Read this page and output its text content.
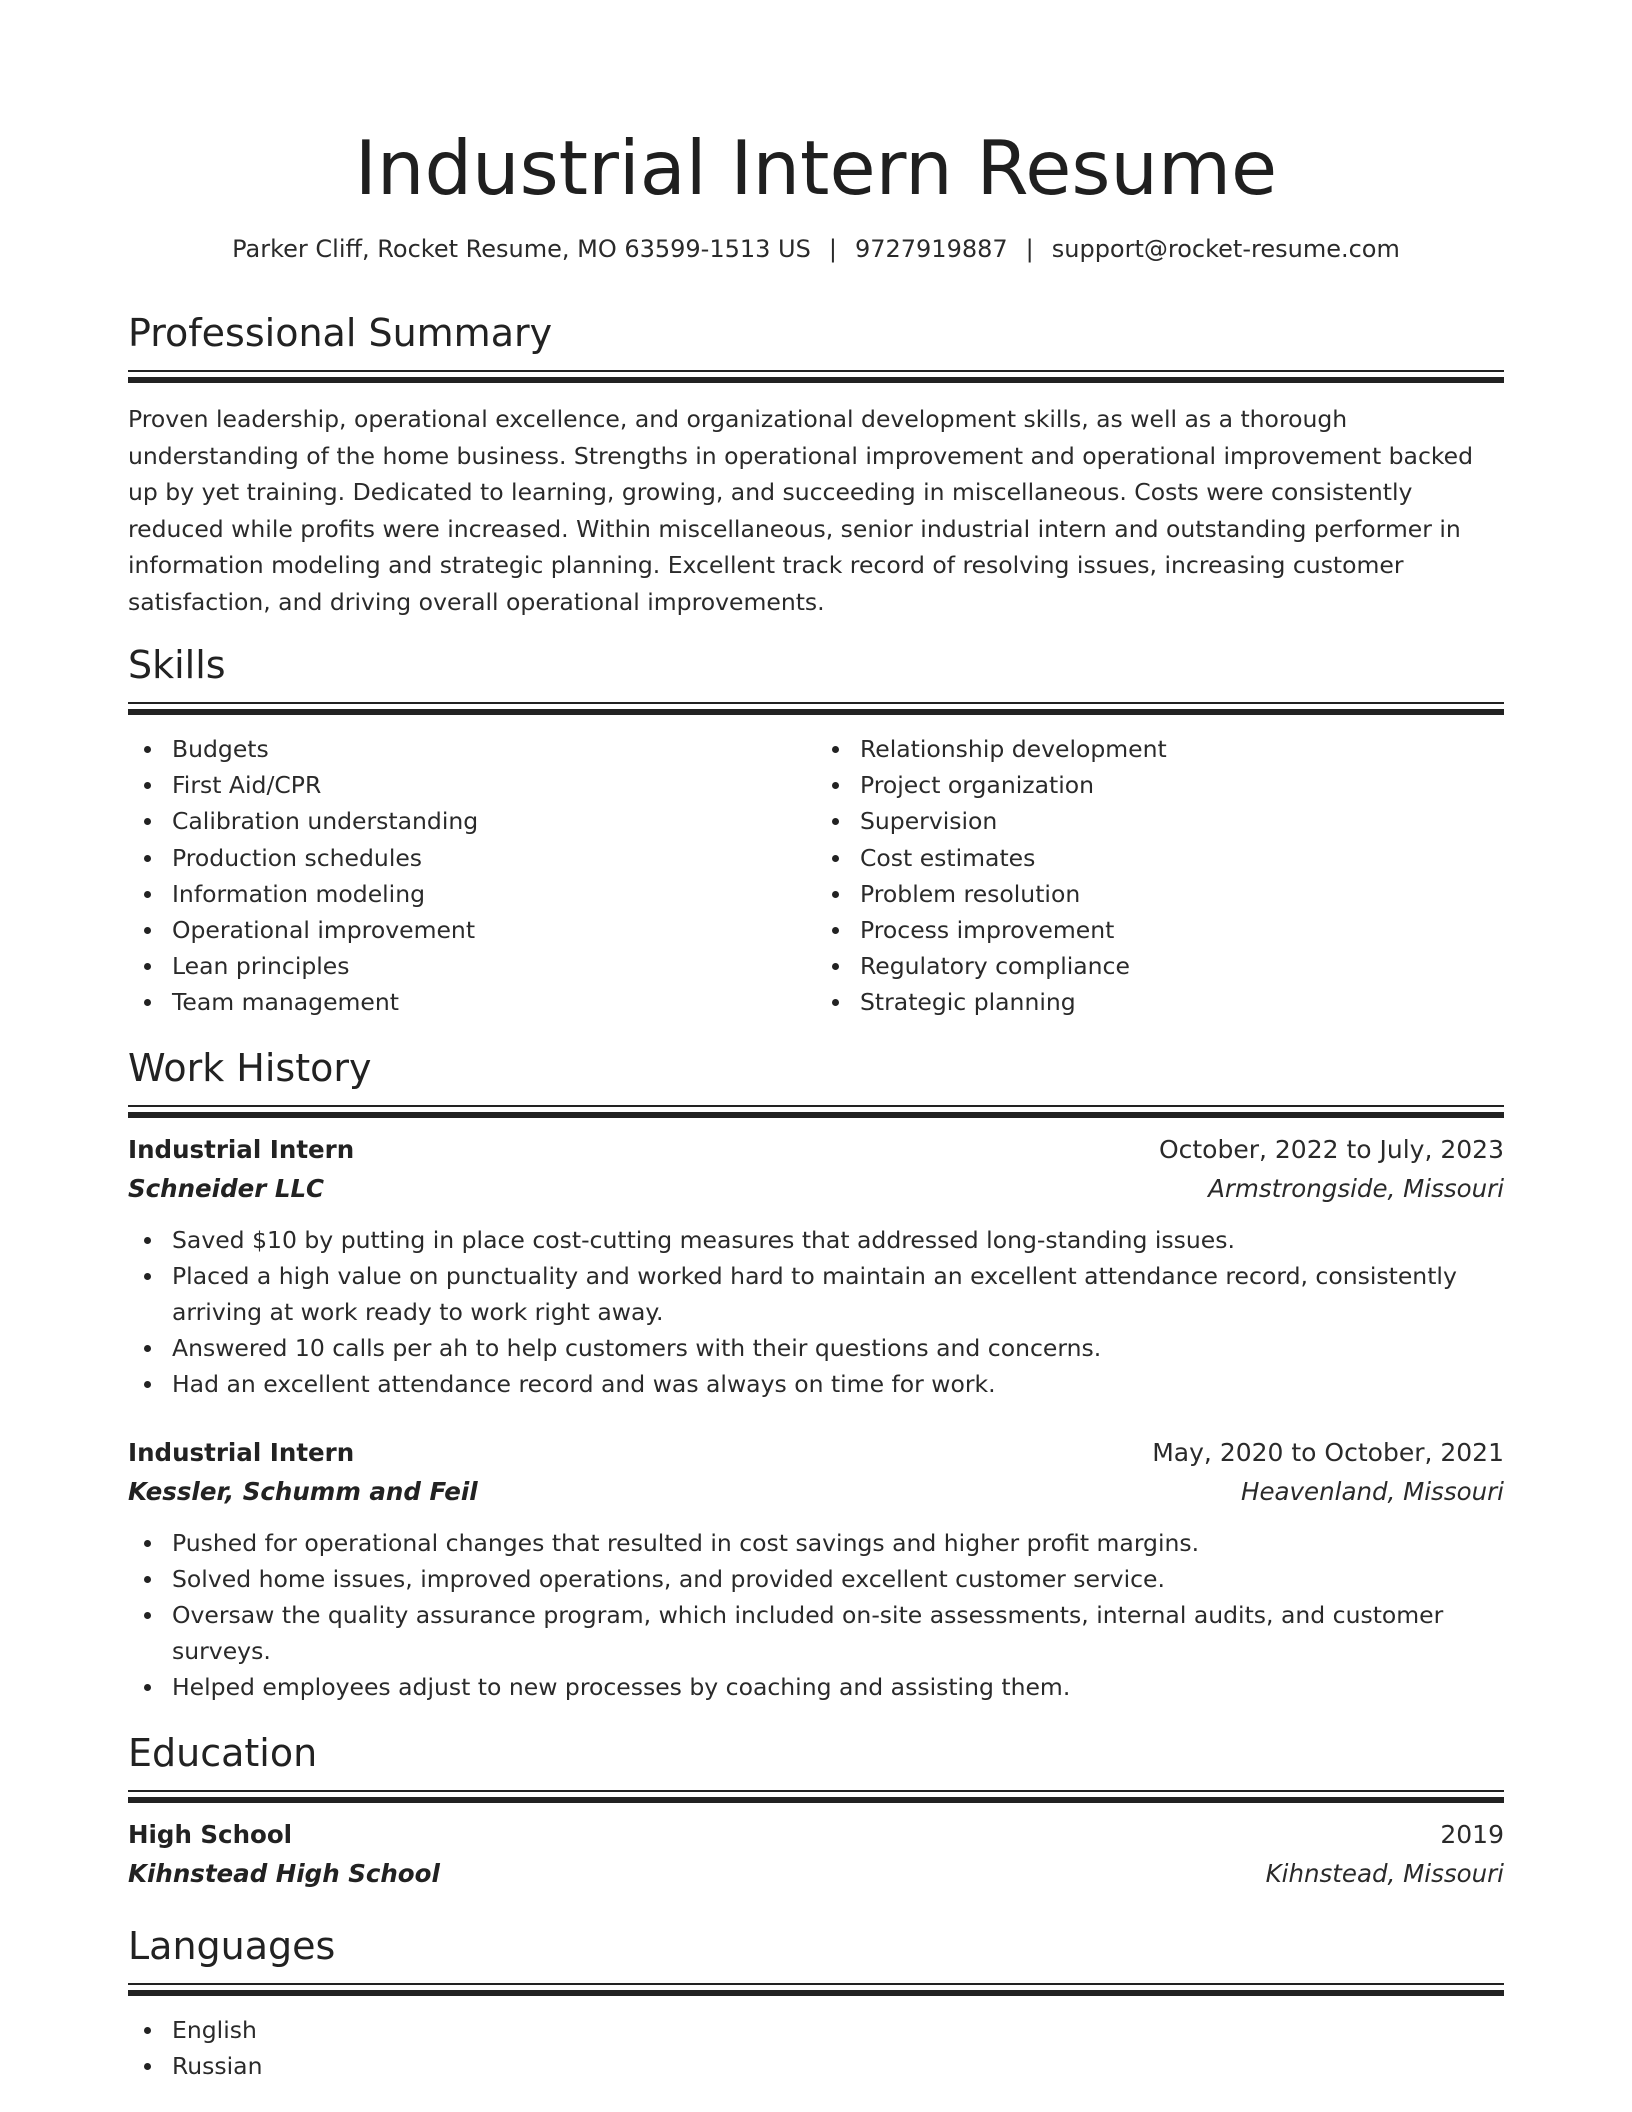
Industrial Intern Resume
Parker Cliff, Rocket Resume, MO 63599-1513 US | 9727919887 | support@rocket-resume.com
Professional Summary

Proven leadership, operational excellence, and organizational development skills, as well as a thorough understanding of the home business. Strengths in operational improvement and operational improvement backed up by yet training. Dedicated to learning, growing, and succeeding in miscellaneous. Costs were consistently reduced while profits were increased. Within miscellaneous, senior industrial intern and outstanding performer in information modeling and strategic planning. Excellent track record of resolving issues, increasing customer satisfaction, and driving overall operational improvements.

Skills
Budgets
First Aid/CPR
Calibration understanding
Production schedules
Information modeling
Operational improvement
Lean principles
Team management
Relationship development
Project organization
Supervision
Cost estimates
Problem resolution
Process improvement
Regulatory compliance
Strategic planning
Work History
Industrial Intern	October, 2022 to July, 2023
Schneider LLC	Armstrongside, Missouri
Saved $10 by putting in place cost-cutting measures that addressed long-standing issues.
Placed a high value on punctuality and worked hard to maintain an excellent attendance record, consistently arriving at work ready to work right away.
Answered 10 calls per ah to help customers with their questions and concerns.
Had an excellent attendance record and was always on time for work.
Industrial Intern	May, 2020 to October, 2021
Kessler, Schumm and Feil	Heavenland, Missouri
Pushed for operational changes that resulted in cost savings and higher profit margins.
Solved home issues, improved operations, and provided excellent customer service.
Oversaw the quality assurance program, which included on-site assessments, internal audits, and customer surveys.
Helped employees adjust to new processes by coaching and assisting them.
Education
High School	2019
Kihnstead High School	Kihnstead, Missouri
Languages
English
Russian
